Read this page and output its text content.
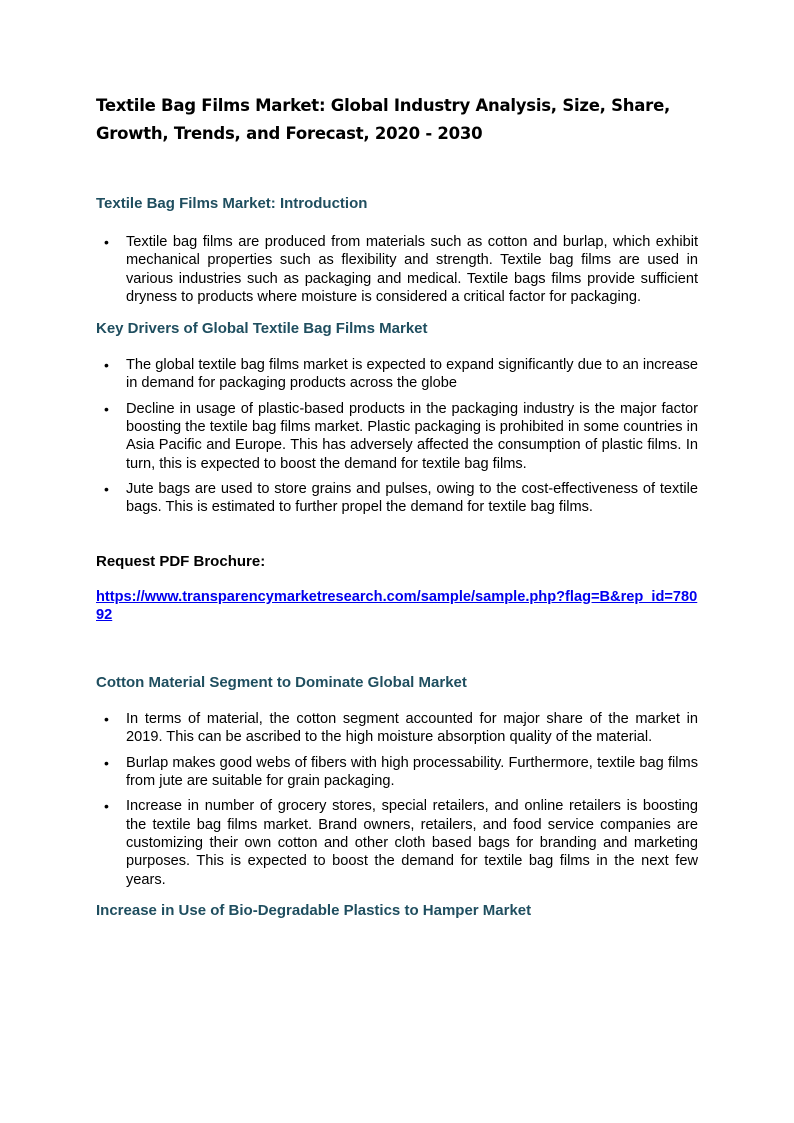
Textile Bag Films Market: Global Industry Analysis, Size, Share, Growth, Trends, and Forecast, 2020 - 2030
Textile Bag Films Market: Introduction
• Textile bag films are produced from materials such as cotton and burlap, which exhibit mechanical properties such as flexibility and strength. Textile bag films are used in various industries such as packaging and medical. Textile bags films provide sufficient dryness to products where moisture is considered a critical factor for packaging.
Key Drivers of Global Textile Bag Films Market
• The global textile bag films market is expected to expand significantly due to an increase in demand for packaging products across the globe
• Decline in usage of plastic-based products in the packaging industry is the major factor boosting the textile bag films market. Plastic packaging is prohibited in some countries in Asia Pacific and Europe. This has adversely affected the consumption of plastic films. In turn, this is expected to boost the demand for textile bag films.
• Jute bags are used to store grains and pulses, owing to the cost-effectiveness of textile bags. This is estimated to further propel the demand for textile bag films.
Request PDF Brochure:

https://www.transparencymarketresearch.com/sample/sample.php?flag=B&rep_id=78092

Cotton Material Segment to Dominate Global Market
• In terms of material, the cotton segment accounted for major share of the market in 2019. This can be ascribed to the high moisture absorption quality of the material.
• Burlap makes good webs of fibers with high processability. Furthermore, textile bag films from jute are suitable for grain packaging.
• Increase in number of grocery stores, special retailers, and online retailers is boosting the textile bag films market. Brand owners, retailers, and food service companies are customizing their own cotton and other cloth based bags for branding and marketing purposes. This is expected to boost the demand for textile bag films in the next few years.
Increase in Use of Bio-Degradable Plastics to Hamper Market
